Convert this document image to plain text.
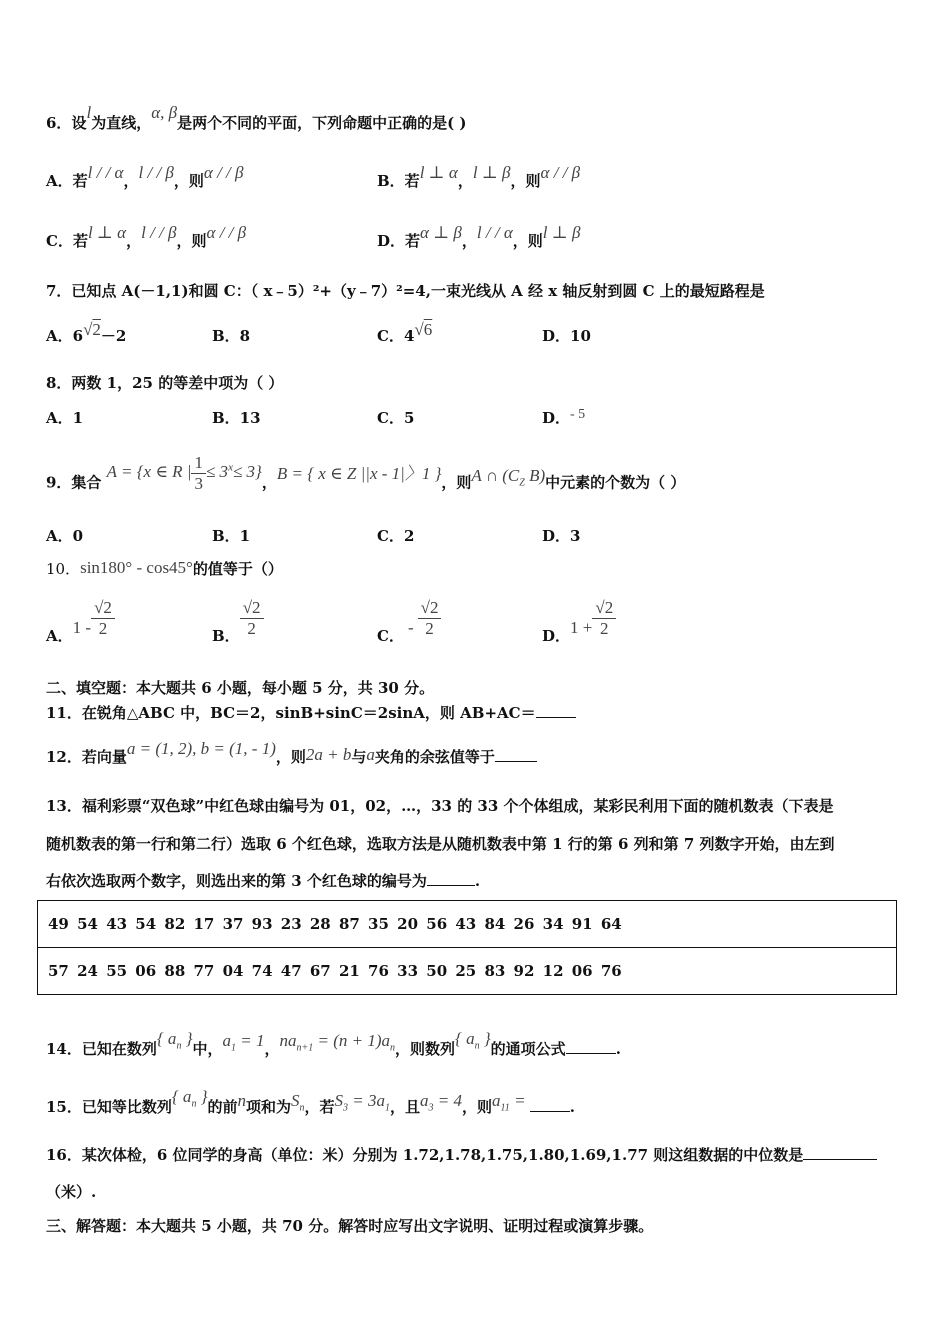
6．设l为直线，α, β是两个不同的平面，下列命题中正确的是( )
A．若l / / α，l / / β，则α / / β	B．若l ⊥ α，l ⊥ β，则α / / β
C．若l ⊥ α，l / / β，则α / / β	D．若α ⊥ β，l / / α，则l ⊥ β
7．已知点 A(－1,1)和圆 C：（ x﹣5）²+（y﹣7）²=4,一束光线从 A 经 x 轴反射到圆 C 上的最短路程是
A．6√2－2	B．8	C．4√6	D．10
8．两数 1，25 的等差中项为（ ）
A．1	B．13	C．5	D．- 5
9．集合 A = {x ∈ R | $\frac{1}{3} \le 3^x\le 3$}，B = { x ∈ Z ||x - 1|〉1 }，则A ∩ ($C_Z$ B)中元素的个数为（ ）
A．0	B．1	C．2	D．3
10．sin180° - cos45°的值等于（）
A．$1 - \frac{√2}{2}$	B． $\frac{√2}{2}$	C． - $\frac{√2}{2}$	D．$1 + \frac{√2}{2}$
二、填空题：本大题共 6 小题，每小题 5 分，共 30 分。
11．在锐角△ABC 中，BC＝2，sinB+sinC＝2sinA，则 AB+AC＝
12．若向量a = (1, 2), b = (1, - 1)，则2a + b与a夹角的余弦值等于
13．福利彩票“双色球”中红色球由编号为 01，02，…，33 的 33 个个体组成，某彩民利用下面的随机数表（下表是
随机数表的第一行和第二行）选取 6 个红色球，选取方法是从随机数表中第 1 行的第 6 列和第 7 列数字开始，由左到
右依次选取两个数字，则选出来的第 3 个红色球的编号为	.
49 54 43 54 82 17 37 93 23 28 87 35 20 56 43 84 26 34 91 64
57 24 55 06 88 77 04 74 47 67 21 76 33 50 25 83 92 12 06 76
14．已知在数列{ $a_n$ }中，$a_1 = 1$，$na_{n+1} = (n + 1)a_n$，则数列{ $a_n$ }的通项公式	.
15．已知等比数列{ $a_n$ }的前n项和为$S_n$，若$S_3 = 3a_1$，且$a_3 = 4$，则$a_{11}$ =	.
16．某次体检，6 位同学的身高（单位：米）分别为 1.72,1.78,1.75,1.80,1.69,1.77 则这组数据的中位数是
（米）.
三、解答题：本大题共 5 小题，共 70 分。解答时应写出文字说明、证明过程或演算步骤。
